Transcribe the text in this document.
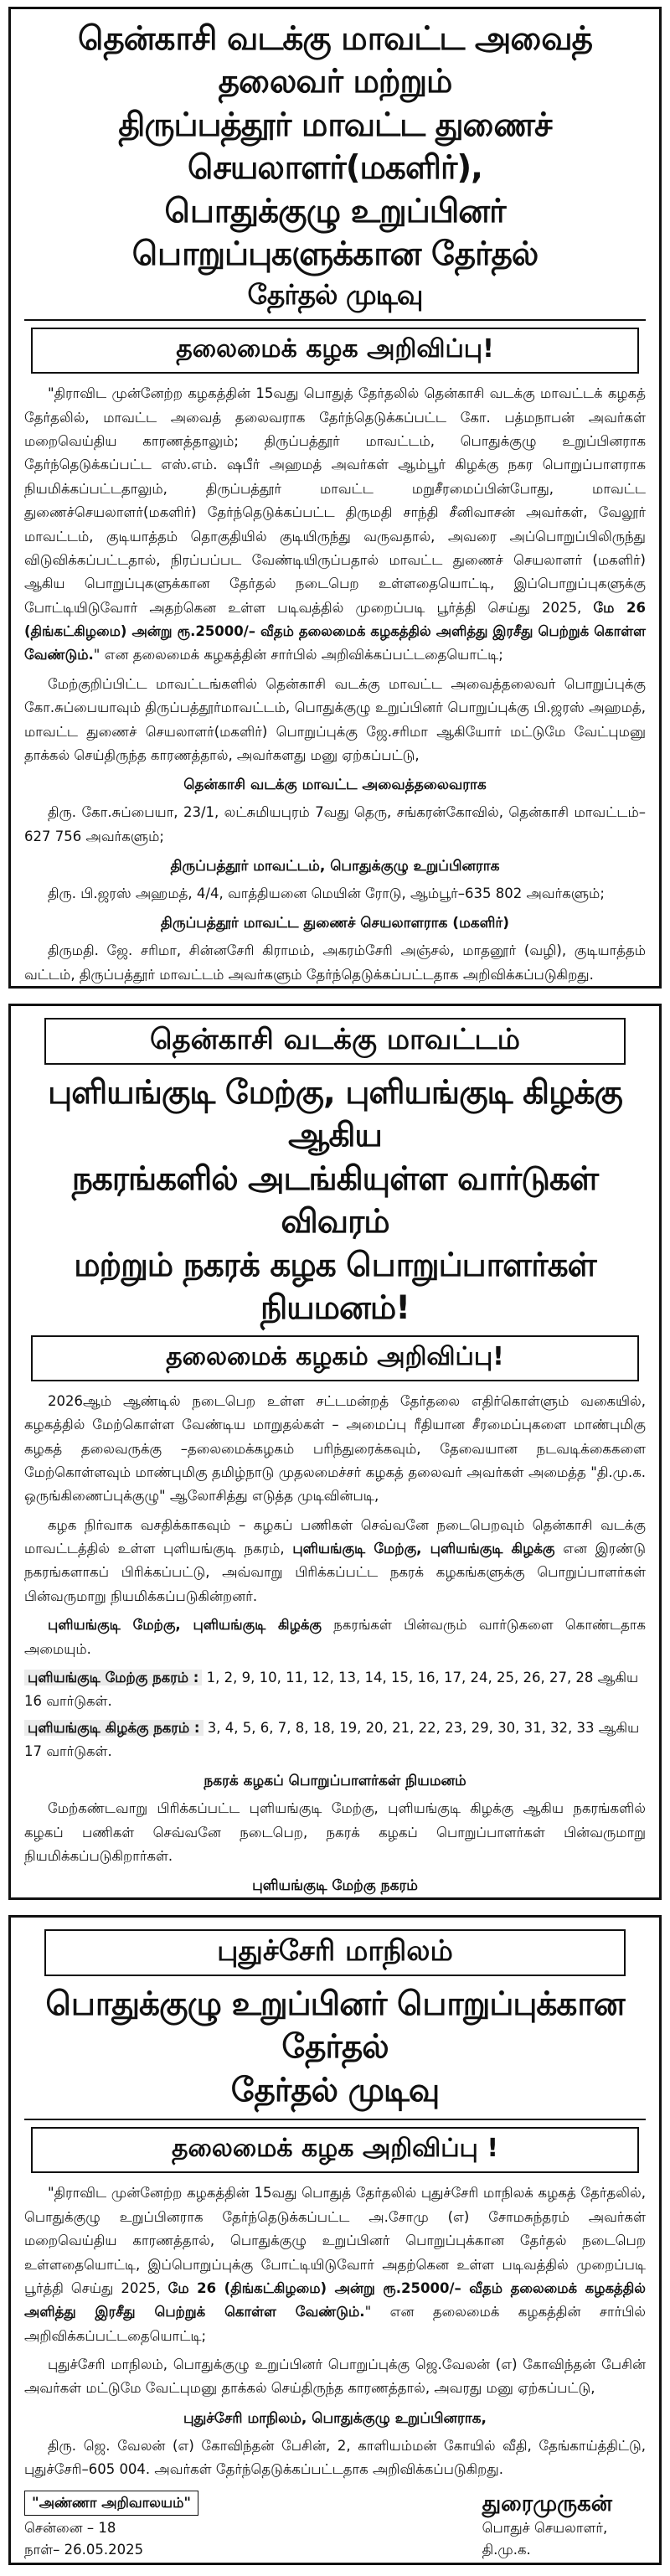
தென்காசி வடக்கு மாவட்ட அவைத் தலைவர் மற்றும்
திருப்பத்தூர் மாவட்ட துணைச் செயலாளர்(மகளிர்),
பொதுக்குழு உறுப்பினர் பொறுப்புகளுக்கான தேர்தல்
தேர்தல் முடிவு
தலைமைக் கழக அறிவிப்பு!

"திராவிட முன்னேற்ற கழகத்தின் 15வது பொதுத் தேர்தலில் தென்காசி வடக்கு மாவட்டக் கழகத் தேர்தலில், மாவட்ட அவைத் தலைவராக தேர்ந்தெடுக்கப்பட்ட கோ. பத்மநாபன் அவர்கள் மறைவெய்திய காரணத்தாலும்; திருப்பத்தூர் மாவட்டம், பொதுக்குழு உறுப்பினராக தேர்ந்தெடுக்கப்பட்ட எஸ்.எம். ஷபீர் அஹமத் அவர்கள் ஆம்பூர் கிழக்கு நகர பொறுப்பாளராக நியமிக்கப்பட்டதாலும், திருப்பத்தூர் மாவட்ட மறுசீரமைப்பின்போது, மாவட்ட துணைச்செயலாளர்(மகளிர்) தேர்ந்தெடுக்கப்பட்ட திருமதி சாந்தி சீனிவாசன் அவர்கள், வேலூர் மாவட்டம், குடியாத்தம் தொகுதியில் குடியிருந்து வருவதால், அவரை அப்பொறுப்பிலிருந்து விடுவிக்கப்பட்டதால், நிரப்பப்பட வேண்டியிருப்பதால் மாவட்ட துணைச் செயலாளர் (மகளிர்) ஆகிய பொறுப்புகளுக்கான தேர்தல் நடைபெற உள்ளதையொட்டி, இப்பொறுப்புகளுக்கு போட்டியிடுவோர் அதற்கென உள்ள படிவத்தில் முறைப்படி பூர்த்தி செய்து 2025, மே 26 (திங்கட்கிழமை) அன்று ரூ.25000/– வீதம் தலைமைக் கழகத்தில் அளித்து இரசீது பெற்றுக் கொள்ள வேண்டும்." என தலைமைக் கழகத்தின் சார்பில் அறிவிக்கப்பட்டதையொட்டி;

மேற்குறிப்பிட்ட மாவட்டங்களில் தென்காசி வடக்கு மாவட்ட அவைத்தலைவர் பொறுப்புக்கு கோ.சுப்பையாவும் திருப்பத்தூர்மாவட்டம், பொதுக்குழு உறுப்பினர் பொறுப்புக்கு பி.ஜரஸ் அஹமத், மாவட்ட துணைச் செயலாளர்(மகளிர்) பொறுப்புக்கு ஜே.சரிமா ஆகியோர் மட்டுமே வேட்புமனு தாக்கல் செய்திருந்த காரணத்தால், அவர்களது மனு ஏற்கப்பட்டு,

தென்காசி வடக்கு மாவட்ட அவைத்தலைவராக

திரு. கோ.சுப்பையா, 23/1, லட்சுமியபுரம் 7வது தெரு, சங்கரன்கோவில், தென்காசி மாவட்டம்–627 756 அவர்களும்;

திருப்பத்தூர் மாவட்டம், பொதுக்குழு உறுப்பினராக

திரு. பி.ஜரஸ் அஹமத், 4/4, வாத்தியனை மெயின் ரோடு, ஆம்பூர்–635 802 அவர்களும்;

திருப்பத்தூர் மாவட்ட துணைச் செயலாளராக (மகளிர்)

திருமதி. ஜே. சரிமா, சின்னசேரி கிராமம், அகரம்சேரி அஞ்சல், மாதனூர் (வழி), குடியாத்தம் வட்டம், திருப்பத்தூர் மாவட்டம் அவர்களும் தேர்ந்தெடுக்கப்பட்டதாக அறிவிக்கப்படுகிறது.

தென்காசி வடக்கு மாவட்டம்
புளியங்குடி மேற்கு, புளியங்குடி கிழக்கு ஆகிய
நகரங்களில் அடங்கியுள்ள வார்டுகள் விவரம்
மற்றும் நகரக் கழக பொறுப்பாளர்கள் நியமனம்!
தலைமைக் கழகம் அறிவிப்பு!

2026ஆம் ஆண்டில் நடைபெற உள்ள சட்டமன்றத் தேர்தலை எதிர்கொள்ளும் வகையில், கழகத்தில் மேற்கொள்ள வேண்டிய மாறுதல்கள் – அமைப்பு ரீதியான சீரமைப்புகளை மாண்புமிகு கழகத் தலைவருக்கு –தலைமைக்கழகம் பரிந்துரைக்கவும், தேவையான நடவடிக்கைகளை மேற்கொள்ளவும் மாண்புமிகு தமிழ்நாடு முதலமைச்சர் கழகத் தலைவர் அவர்கள் அமைத்த "தி.மு.க. ஒருங்கிணைப்புக்குழு" ஆலோசித்து எடுத்த முடிவின்படி,

கழக நிர்வாக வசதிக்காகவும் – கழகப் பணிகள் செவ்வனே நடைபெறவும் தென்காசி வடக்கு மாவட்டத்தில் உள்ள புளியங்குடி நகரம், புளியங்குடி மேற்கு, புளியங்குடி கிழக்கு என இரண்டு நகரங்களாகப் பிரிக்கப்பட்டு, அவ்வாறு பிரிக்கப்பட்ட நகரக் கழகங்களுக்கு பொறுப்பாளர்கள் பின்வருமாறு நியமிக்கப்படுகின்றனர்.

புளியங்குடி மேற்கு, புளியங்குடி கிழக்கு நகரங்கள் பின்வரும் வார்டுகளை கொண்டதாக அமையும்.

புளியங்குடி மேற்கு நகரம் : 1, 2, 9, 10, 11, 12, 13, 14, 15, 16, 17, 24, 25, 26, 27, 28 ஆகிய 16 வார்டுகள்.
புளியங்குடி கிழக்கு நகரம் : 3, 4, 5, 6, 7, 8, 18, 19, 20, 21, 22, 23, 29, 30, 31, 32, 33 ஆகிய 17 வார்டுகள்.
நகரக் கழகப் பொறுப்பாளர்கள் நியமனம்

மேற்கண்டவாறு பிரிக்கப்பட்ட புளியங்குடி மேற்கு, புளியங்குடி கிழக்கு ஆகிய நகரங்களில் கழகப் பணிகள் செவ்வனே நடைபெற, நகரக் கழகப் பொறுப்பாளர்கள் பின்வருமாறு நியமிக்கப்படுகிறார்கள்.

புளியங்குடி மேற்கு நகரம்

புதுச்சேரி மாநிலம்
பொதுக்குழு உறுப்பினர் பொறுப்புக்கான தேர்தல்
தேர்தல் முடிவு
தலைமைக் கழக அறிவிப்பு !

"திராவிட முன்னேற்ற கழகத்தின் 15வது பொதுத் தேர்தலில் புதுச்சேரி மாநிலக் கழகத் தேர்தலில், பொதுக்குழு உறுப்பினராக தேர்ந்தெடுக்கப்பட்ட அ.சோமு (எ) சோமசுந்தரம் அவர்கள் மறைவெய்திய காரணத்தால், பொதுக்குழு உறுப்பினர் பொறுப்புக்கான தேர்தல் நடைபெற உள்ளதையொட்டி, இப்பொறுப்புக்கு போட்டியிடுவோர் அதற்கென உள்ள படிவத்தில் முறைப்படி பூர்த்தி செய்து 2025, மே 26 (திங்கட்கிழமை) அன்று ரூ.25000/– வீதம் தலைமைக் கழகத்தில் அளித்து இரசீது பெற்றுக் கொள்ள வேண்டும்." என தலைமைக் கழகத்தின் சார்பில் அறிவிக்கப்பட்டதையொட்டி;

புதுச்சேரி மாநிலம், பொதுக்குழு உறுப்பினர் பொறுப்புக்கு ஜெ.வேலன் (எ) கோவிந்தன் பேசின் அவர்கள் மட்டுமே வேட்புமனு தாக்கல் செய்திருந்த காரணத்தால், அவரது மனு ஏற்கப்பட்டு,

புதுச்சேரி மாநிலம், பொதுக்குழு உறுப்பினராக,

திரு. ஜெ. வேலன் (எ) கோவிந்தன் பேசின், 2, காளியம்மன் கோயில் வீதி, தேங்காய்த்திட்டு, புதுச்சேரி–605 004. அவர்கள் தேர்ந்தெடுக்கப்பட்டதாக அறிவிக்கப்படுகிறது.

"அண்ணா அறிவாலயம்"
சென்னை – 18
நாள்– 26.05.2025
துரைமுருகன்
பொதுச் செயலாளர்,
தி.மு.க.
